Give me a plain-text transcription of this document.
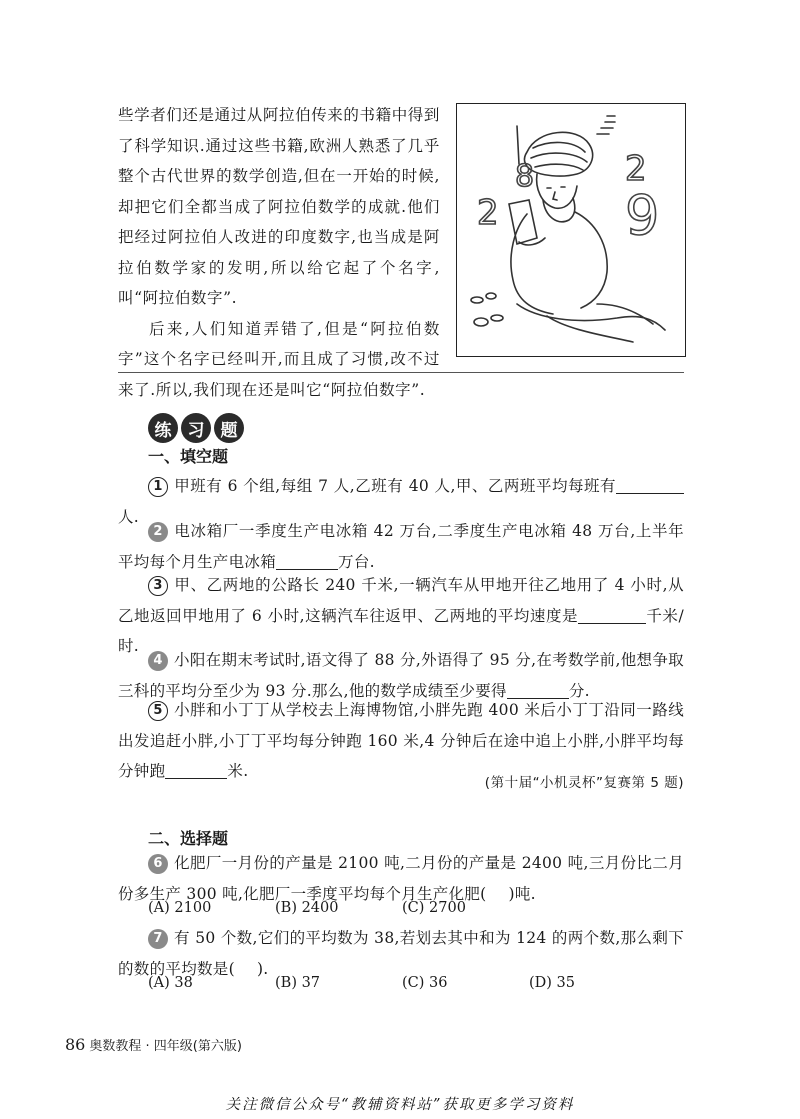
些学者们还是通过从阿拉伯传来的书籍中得到了科学知识.通过这些书籍,欧洲人熟悉了几乎整个古代世界的数学创造,但在一开始的时候,却把它们全都当成了阿拉伯数学的成就.他们把经过阿拉伯人改进的印度数字,也当成是阿拉伯数学家的发明,所以给它起了个名字,叫“阿拉伯数字”.

后来,人们知道弄错了,但是“阿拉伯数字”这个名字已经叫开,而且成了习惯,改不过来了.所以,我们现在还是叫它“阿拉伯数字”.

2
8	2
9
练 习 题
一、填空题

1 甲班有 6 个组,每组 7 人,乙班有 40 人,甲、乙两班平均每班有人.

2 电冰箱厂一季度生产电冰箱 42 万台,二季度生产电冰箱 48 万台,上半年平均每个月生产电冰箱	万台.

3 甲、乙两地的公路长 240 千米,一辆汽车从甲地开往乙地用了 4 小时,从乙地返回甲地用了 6 小时,这辆汽车往返甲、乙两地的平均速度是	千米/时.

4 小阳在期末考试时,语文得了 88 分,外语得了 95 分,在考数学前,他想争取三科的平均分至少为 93 分.那么,他的数学成绩至少要得	分.

5 小胖和小丁丁从学校去上海博物馆,小胖先跑 400 米后小丁丁沿同一路线出发追赶小胖,小丁丁平均每分钟跑 160 米,4 分钟后在途中追上小胖,小胖平均每分钟跑	米.

(第十届“小机灵杯”复赛第 5 题)
二、选择题

6 化肥厂一月份的产量是 2100 吨,二月份的产量是 2400 吨,三月份比二月份多生产 300 吨,化肥厂一季度平均每个月生产化肥( )吨.

(A) 2100	(B) 2400	(C) 2700

7 有 50 个数,它们的平均数为 38,若划去其中和为 124 的两个数,那么剩下的数的平均数是( ).

(A) 38	(B) 37	(C) 36	(D) 35
86 奥数教程 · 四年级(第六版)
关注微信公众号“教辅资料站”获取更多学习资料
